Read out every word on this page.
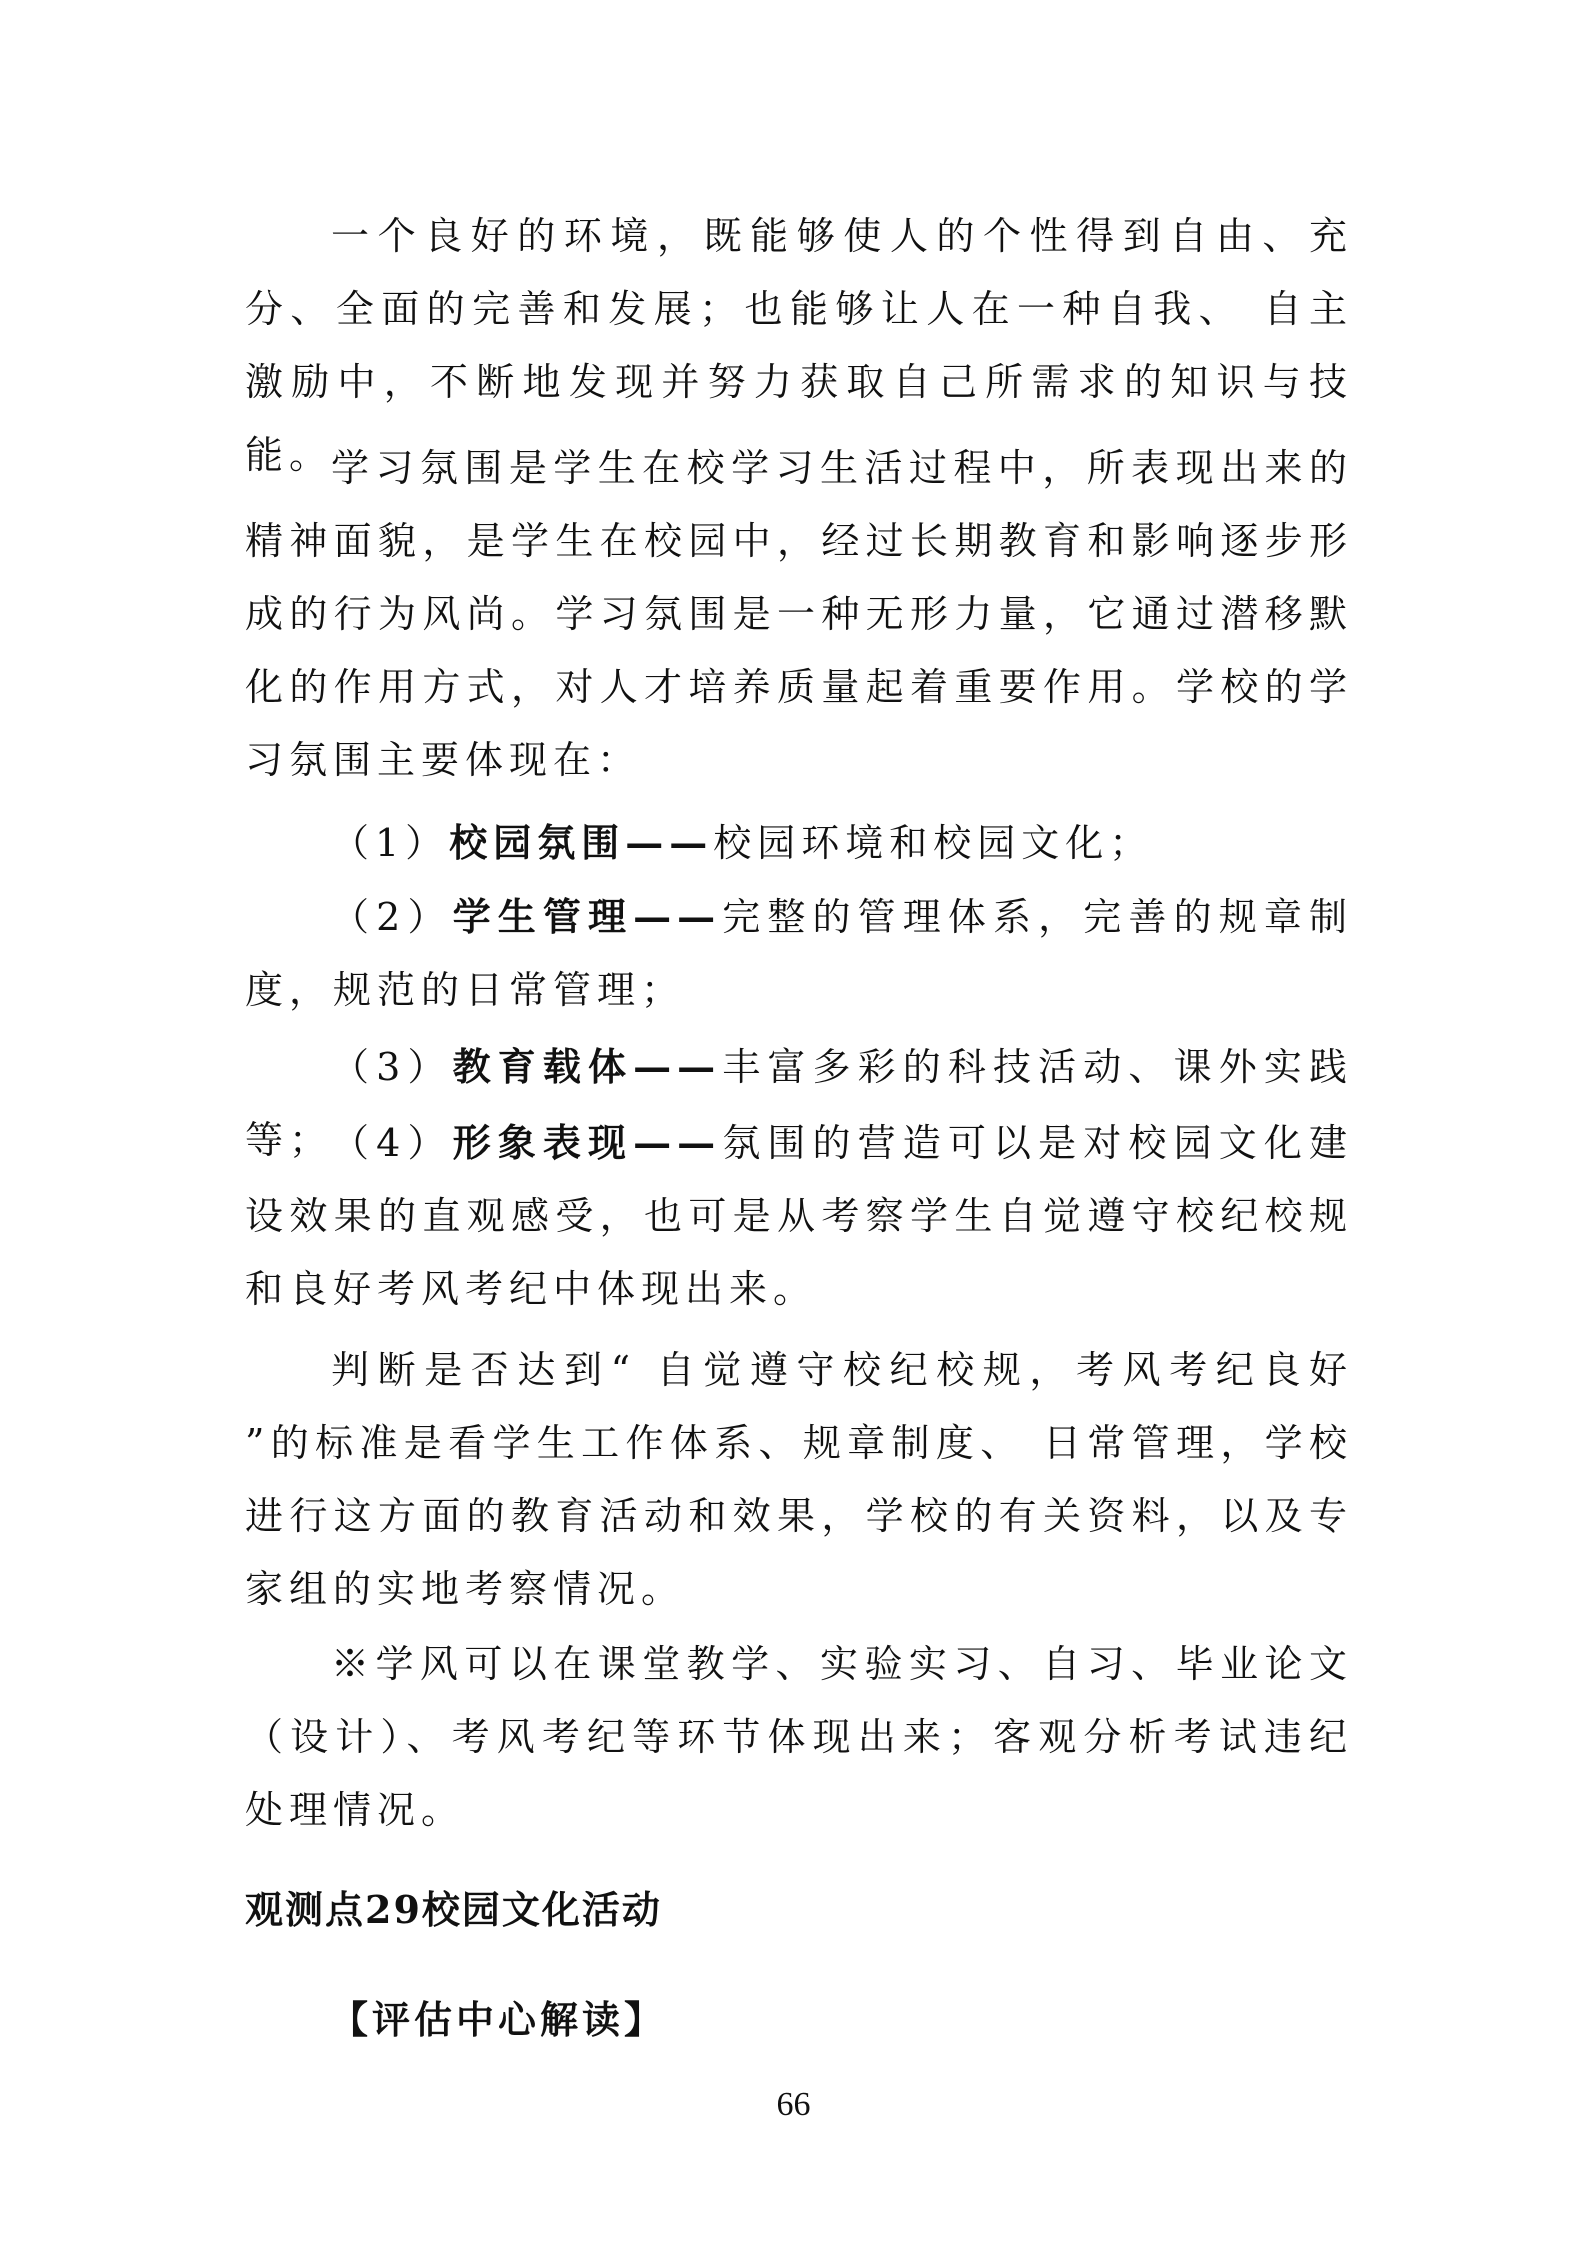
一个良好的环境，既能够使人的个性得到自由、充分、全面的完善和发展；也能够让人在一种自我、 自主激励中，不断地发现并努力获取自己所需求的知识与技能。

学习氛围是学生在校学习生活过程中，所表现出来的精神面貌，是学生在校园中，经过长期教育和影响逐步形成的行为风尚。学习氛围是一种无形力量，它通过潜移默化的作用方式，对人才培养质量起着重要作用。学校的学习氛围主要体现在：

（1）校园氛围——校园环境和校园文化；

（2）学生管理——完整的管理体系，完善的规章制度，规范的日常管理；

（3）教育载体——丰富多彩的科技活动、课外实践等；

（4）形象表现——氛围的营造可以是对校园文化建设效果的直观感受，也可是从考察学生自觉遵守校纪校规和良好考风考纪中体现出来。

判断是否达到“ 自觉遵守校纪校规，考风考纪良好 ”的标准是看学生工作体系、规章制度、 日常管理，学校进行这方面的教育活动和效果，学校的有关资料，以及专家组的实地考察情况。

※学风可以在课堂教学、实验实习、自习、毕业论文（设计）、考风考纪等环节体现出来；客观分析考试违纪处理情况。

观测点29校园文化活动
【评估中心解读】
66
